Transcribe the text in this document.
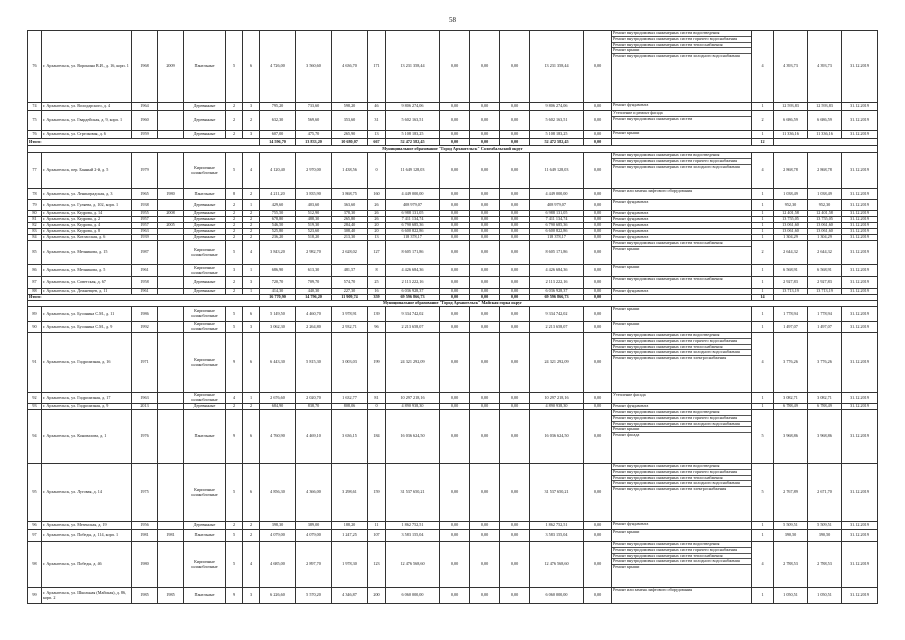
58
76	г. Архангельск, ул. Воронина В.И., д. 16, корп. 1	1968	2009	Панельные	5	6	4 726,00	3 560,60	4 636,70	171	13 231 358,44	0,00	0,00	0,00	13 231 358,44	0,00	Ремонт внутридомовых инженерных систем водоотведения
Ремонт внутридомовых инженерных систем горячего водоснабжения
Ремонт внутридомовых инженерных систем теплоснабжения
Ремонт крыши
Ремонт внутридомовых инженерных систем холодного водоснабжения	4	4 393,73	4 393,73	31.12.2019
74	г. Архангельск, ул. Володарского, д. 4	1964		Деревянные	2	3	795,20	733,60	598,20	46	9 806 274,06	0,00	0,00	0,00	9 806 274,06	0,00	Ремонт фундамента	1	12 593,83	12 593,83	31.12.2019
75	г. Архангельск, ул. Гвардейская, д. 9, корп. 1	1960		Деревянные	2	2	632,30	569,60	353,60	31	5 602 163,51	0,00	0,00	0,00	5 602 163,51	0,00	Утепление и ремонт фасада
Ремонт внутридомовых инженерных систем	2	6 686,59	6 686,59	31.12.2019
76	г. Архангельск, ул. Стрелковая, д. 6	1959		Деревянные	2	3	607,00	475,70	265,90	13	5 108 183,25	0,00	0,00	0,00	5 108 183,25	0,00	Ремонт крыши	1	11 336,16	11 336,16	31.12.2019
Итого:							14 596,70	13 833,20	10 680,07	667	52 472 582,45	0,00	0,00	0,00	52 472 582,45	0,00		12			
Муниципальное образование "Город Архангельск" Соломбальский округ																					
77	г. Архангельск, пер. Банный 2-й, д. 5	1979		Кирпичные шлакоблочные	5	4	4 120,40	2 970,00	1 438,56	0	11 649 128,03	0,00	0,00	0,00	11 649 128,03	0,00	Ремонт внутридомовых инженерных систем водоотведения
Ремонт внутридомовых инженерных систем горячего водоснабжения
Ремонт внутридомовых инженерных систем холодного водоснабжения	4	2 868,78	2 868,78	31.12.2019
78	г. Архангельск, ул. Ленинградская, д. 3	1965	1980	Панельные	8	2	4 211,20	3 835,90	3 868,75	160	4 449 000,00	0,00	0,00	0,00	4 449 000,00	0,00	Ремонт или замена лифтового оборудования	1	1 038,49	1 038,49	31.12.2019
79	г. Архангельск, ул. Гуляева, д. 102, корп. 1	1938		Деревянные	2	1	429,60	403,60	363,60	26	408 979,07	0,00	0,00	0,00	408 979,07	0,00	Ремонт фундамента	1	952,30	952,30	31.12.2019
80	г. Архангельск, ул. Кедрова, д. 14	1955	2008	Деревянные	2	2	755,50	512,90	378,30	26	6 988 131,05	0,00	0,00	0,00	6 988 131,05	0,00	Ремонт фундамента	1	12 401,58	12 401,58	31.12.2019
81	г. Архангельск, ул. Кедрова, д. 2	1957		Деревянные	2	2	678,80	488,30	265,80	26	7 411 134,74	0,00	0,00	0,00	7 411 134,74	0,00	Ремонт фундамента	1	13 755,05	13 755,05	31.12.2019
82	г. Архангельск, ул. Кедрова, д. 4	1957	2005	Деревянные	2	2	546,50	519,30	284,40	20	6 790 685,36	0,00	0,00	0,00	6 790 685,36	0,00	Ремонт фундамента	1	13 061,60	13 061,60	31.12.2019
83	г. Архангельск, ул. Кедрова, д. 8	1963		Деревянные	2	2	525,80	523,60	308,40	20	6 600 822,86	0,00	0,00	0,00	6 600 822,86	0,00	Ремонт фундамента	1	13 061,60	13 061,60	31.12.2019
84	г. Архангельск, ул. Котласская, д. 6	1939		Деревянные	2	2	236,20	518,20	213,30	13	118 378,17	0,00	0,00	0,00	118 378,17	0,00	Ремонт фундамента	1	1 304,29	1 304,29	31.12.2019
85	г. Архангельск, ул. Мечникова, д. 15	1987		Кирпичные шлакоблочные	5	4	3 843,20	2 982,70	2 628,02	127	8 605 171,86	0,00	0,00	0,00	8 605 171,86	0,00	Ремонт внутридомовых инженерных систем теплоснабжения
Ремонт крыши	2	2 644,32	2 644,32	31.12.2019
86	г. Архангельск, ул. Мечникова, д. 5	1961		Кирпичные шлакоблочные	3	1	686,90	613,30	481,57	8	4 426 684,36	0,00	0,00	0,00	4 426 684,36	0,00	Ремонт крыши	1	6 568,91	6 568,91	31.12.2019
87	г. Архангельск, ул. Советская, д. 67	1958		Деревянные	2	3	720,70	709,70	574,70	25	2 113 222,16	0,00	0,00	0,00	2 113 222,16	0,00	Ремонт внутридомовых инженерных систем теплоснабжения	1	2 927,83	2 927,83	31.12.2019
88	г. Архангельск, ул. Дежневцев, д. 11	1961		Деревянные	2	1	414,30	440,30	227,30	16	6 036 928,37	0,00	0,00	0,00	6 036 928,37	0,00	Ремонт фундамента	1	13 713,19	13 713,19	31.12.2019
Итого:							16 770,90	14 796,20	11 909,74	359	69 596 866,73	0,00	0,00	0,00	69 596 866,73	0,00		14			
Муниципальное образование "Город Архангельск" Майская горка округ																					
89	г. Архангельск, ул. Бусинина С.М., д. 11	1986		Кирпичные шлакоблочные	5	6	5 149,50	4 460,70	3 978,91	139	9 334 742,02	0,00	0,00	0,00	9 334 742,02	0,00	Ремонт крыши	1	1 778,94	1 778,94	31.12.2019
90	г. Архангельск, ул. Бусинина С.М., д. 9	1992		Кирпичные шлакоблочные	5	3	3 062,30	2 264,80	2 932,71	96	2 213 658,07	0,00	0,00	0,00	2 213 658,07	0,00	Ремонт крыши	1	1 497,07	1 497,07	31.12.2019
91	г. Архангельск, ул. Гидролизная, д. 16	1971		Кирпичные шлакоблочные	9	6	6 443,30	5 815,30	3 003,03	199	24 321 292,09	0,00	0,00	0,00	24 321 292,09	0,00	Ремонт внутридомовых инженерных систем водоотведения
Ремонт внутридомовых инженерных систем горячего водоснабжения
Ремонт внутридомовых инженерных систем теплоснабжения
Ремонт внутридомовых инженерных систем холодного водоснабжения
Ремонт внутридомовых инженерных систем электроснабжения	4	3 776,26	3 776,26	31.12.2019
92	г. Архангельск, ул. Гидролизная, д. 17	1963		Кирпичные шлакоблочные	4	1	2 676,60	2 020,70	1 632,77	81	10 297 218,16	0,00	0,00	0,00	10 297 218,16	0,00	Утепление фасада	1	3 082,71	3 082,71	31.12.2019
93	г. Архангельск, ул. Гидролизная, д. 9	2013		Деревянные	2	2	684,90	838,70	808,06	0	4 890 938,30	0,00	0,00	0,00	4 890 938,30	0,00	Ремонт фундамента	1	6 788,49	6 788,49	31.12.2019
94	г. Архангельск, ул. Коновалова, д. 1	1976		Панельные	9	6	4 760,90	4 469,10	3 636,15	184	16 036 624,50	0,00	0,00	0,00	16 036 624,50	0,00	Ремонт внутридомовых инженерных систем водоотведения
Ремонт внутридомовых инженерных систем горячего водоснабжения
Ремонт внутридомовых инженерных систем холодного водоснабжения
Ремонт крыши
Ремонт фасада	5	3 968,86	3 968,86	31.12.2019
95	г. Архангельск, ул. Луговая, д. 14	1975		Кирпичные шлакоблочные	5	6	4 856,30	4 366,00	3 298,61	159	31 537 650,21	0,00	0,00	0,00	31 537 650,21	0,00	Ремонт внутридомовых инженерных систем водоотведения
Ремонт внутридомовых инженерных систем горячего водоснабжения
Ремонт внутридомовых инженерных систем теплоснабжения
Ремонт внутридомовых инженерных систем холодного водоснабжения
Ремонт внутридомовых инженерных систем электроснабжения	5	2 767,89	2 671,70	31.12.2019
96	г. Архангельск, ул. Мезенская, д. 19	1956		Деревянные	2	2	398,30	389,00	188,20	11	1 862 752,51	0,00	0,00	0,00	1 862 752,51	0,00	Ремонт фундамента	1	5 509,51	5 509,51	31.12.2019
97	г. Архангельск, ул. Победы, д. 114, корп. 1	1981	1981	Панельные	5	2	4 079,00	4 079,00	1 247,25	107	3 583 155,04	0,00	0,00	0,00	3 583 155,04	0,00	Ремонт крыши	1	390,50	390,50	31.12.2019
98	г. Архангельск, ул. Победы, д. 46	1980		Кирпичные шлакоблочные	5	4	4 685,00	2 897,70	1 978,30	123	12 476 568,60	0,00	0,00	0,00	12 476 568,60	0,00	Ремонт внутридомовых инженерных систем водоотведения
Ремонт внутридомовых инженерных систем горячего водоснабжения
Ремонт внутридомовых инженерных систем теплоснабжения
Ремонт внутридомовых инженерных систем холодного водоснабжения
Ремонт крыши	4	2 788,53	2 788,53	31.12.2019
99	г. Архангельск, ул. Школьная (Майская), д. 86, корп. 2	1985	1985	Панельные	9	3	6 226,60	5 570,20	4 346,87	200	6 060 000,00	0,00	0,00	0,00	6 060 000,00	0,00	Ремонт или замена лифтового оборудования	1	1 050,51	1 050,51	31.12.2019
